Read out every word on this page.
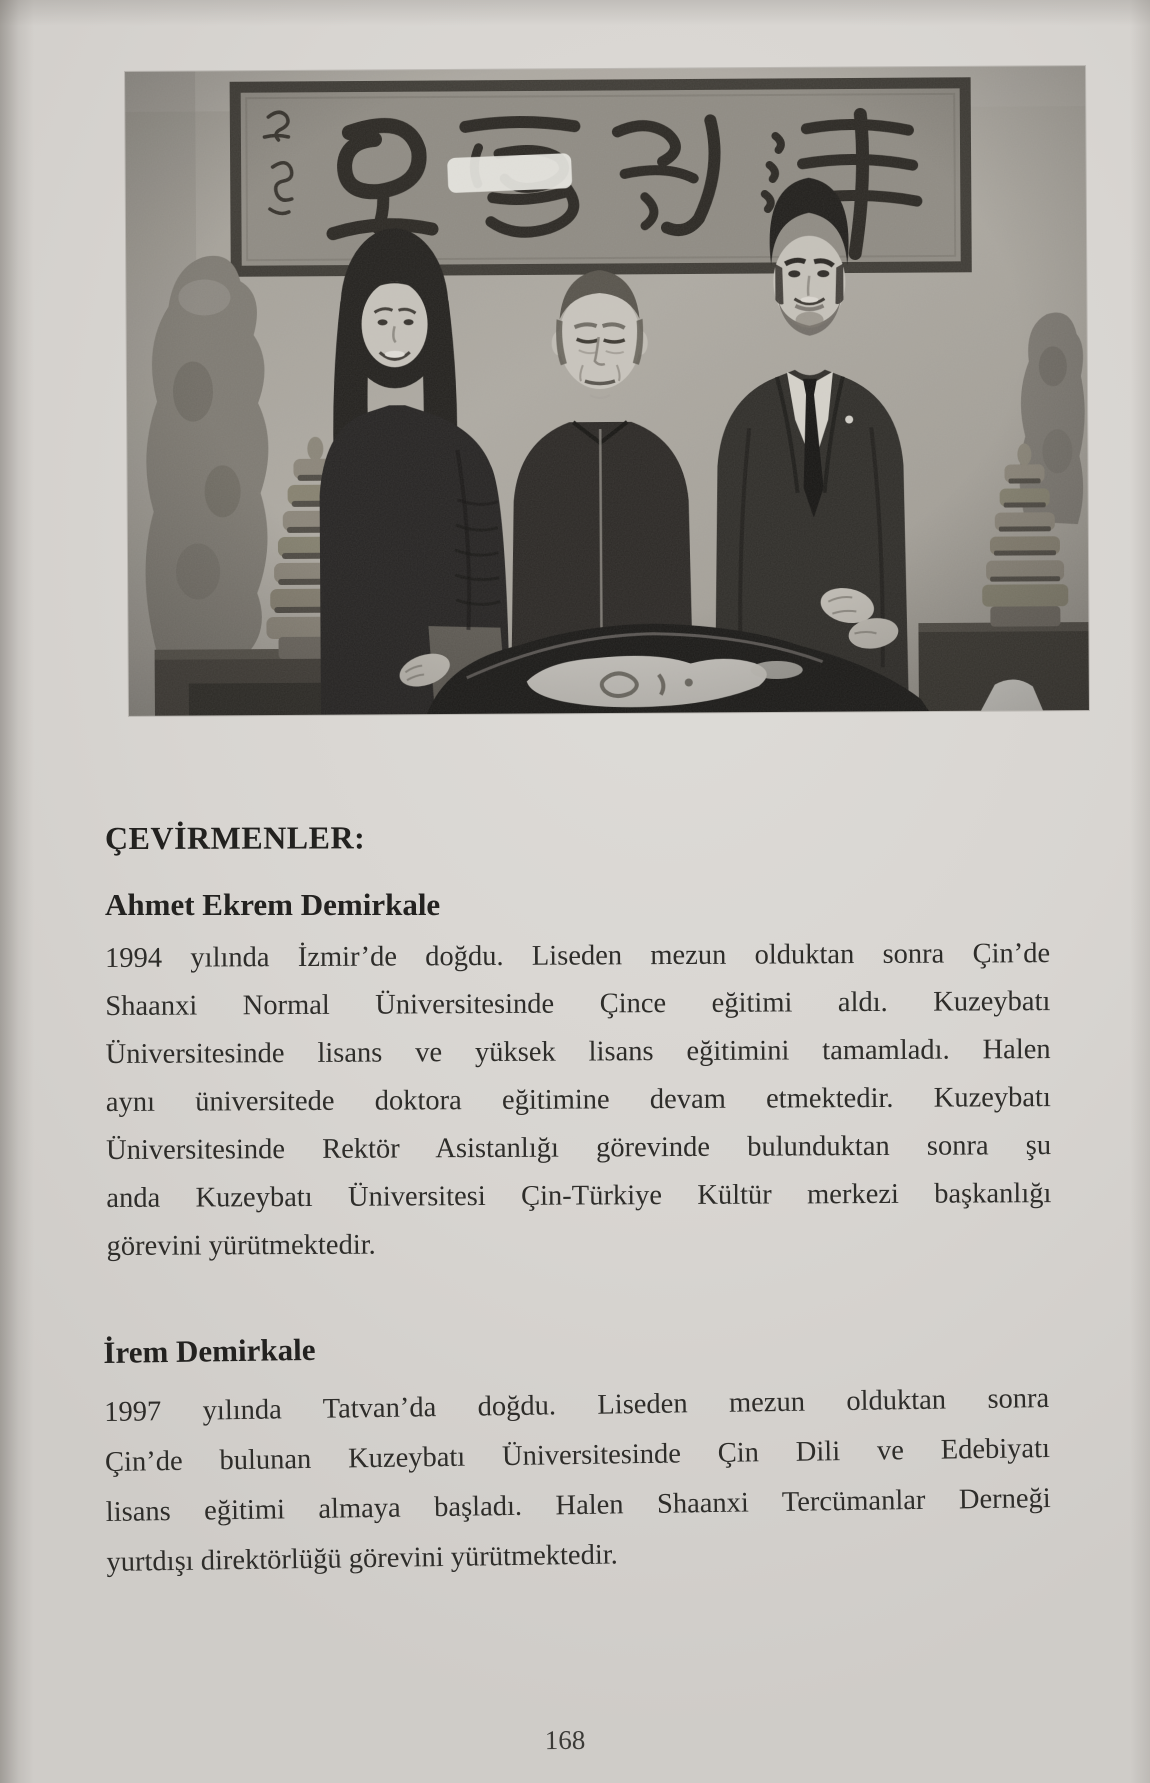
ÇEVİRMENLER:
Ahmet Ekrem Demirkale
1994 yılında İzmir’de doğdu. Liseden mezun olduktan sonra Çin’de
Shaanxi Normal Üniversitesinde Çince eğitimi aldı. Kuzeybatı
Üniversitesinde lisans ve yüksek lisans eğitimini tamamladı. Halen
aynı üniversitede doktora eğitimine devam etmektedir. Kuzeybatı
Üniversitesinde Rektör Asistanlığı görevinde bulunduktan sonra şu
anda Kuzeybatı Üniversitesi Çin-Türkiye Kültür merkezi başkanlığı
görevini yürütmektedir.
İrem Demirkale
1997 yılında Tatvan’da doğdu. Liseden mezun olduktan sonra
Çin’de bulunan Kuzeybatı Üniversitesinde Çin Dili ve Edebiyatı
lisans eğitimi almaya başladı. Halen Shaanxi Tercümanlar Derneği
yurtdışı direktörlüğü görevini yürütmektedir.
168
